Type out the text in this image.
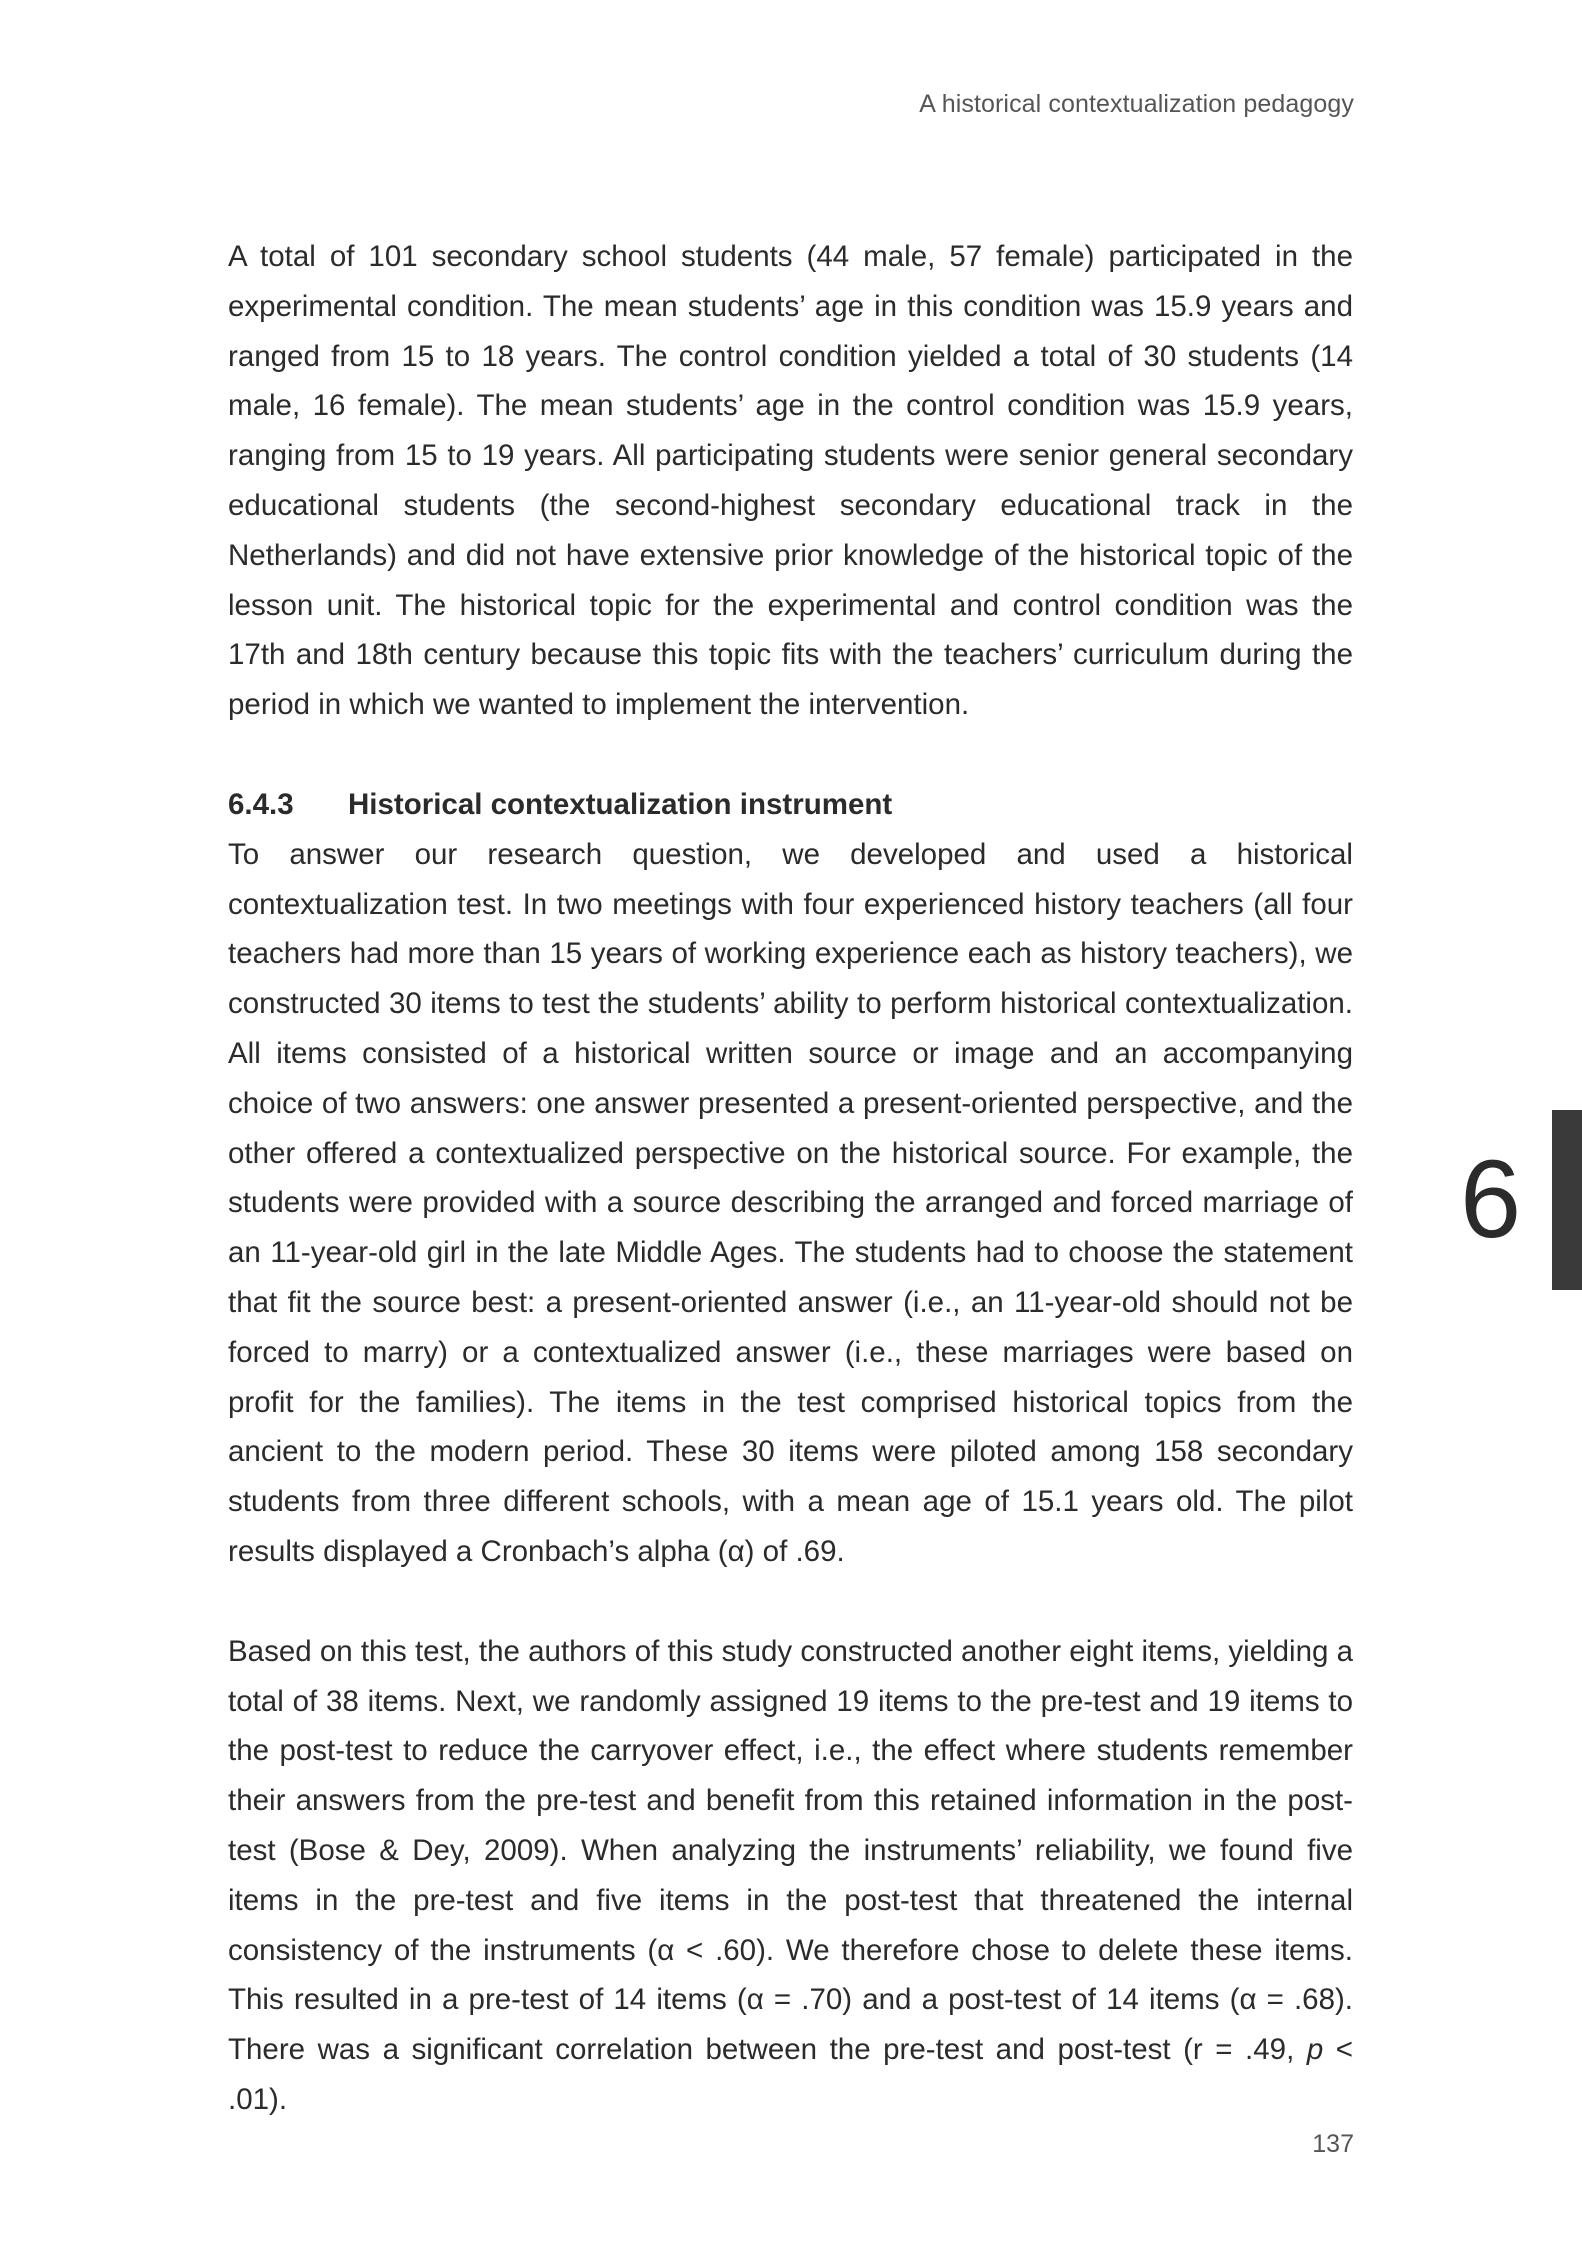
A historical contextualization pedagogy

A total of 101 secondary school students (44 male, 57 female) participated in the experimental condition. The mean students’ age in this condition was 15.9 years and ranged from 15 to 18 years. The control condition yielded a total of 30 students (14 male, 16 female). The mean students’ age in the control condition was 15.9 years, ranging from 15 to 19 years. All participating students were senior general secondary educational students (the second-highest secondary educational track in the Netherlands) and did not have extensive prior knowledge of the historical topic of the lesson unit. The historical topic for the experimental and control condition was the 17th and 18th century because this topic fits with the teachers’ curriculum during the period in which we wanted to implement the intervention.

6.4.3 Historical contextualization instrument

To answer our research question, we developed and used a historical contextualization test. In two meetings with four experienced history teachers (all four teachers had more than 15 years of working experience each as history teachers), we constructed 30 items to test the students’ ability to perform historical contextualization. All items consisted of a historical written source or image and an accompanying choice of two answers: one answer presented a present-oriented perspective, and the other offered a contextualized perspective on the historical source. For example, the students were provided with a source describing the arranged and forced marriage of an 11-year-old girl in the late Middle Ages. The students had to choose the statement that fit the source best: a present-oriented answer (i.e., an 11-year-old should not be forced to marry) or a contextualized answer (i.e., these marriages were based on profit for the families). The items in the test comprised historical topics from the ancient to the modern period. These 30 items were piloted among 158 secondary students from three different schools, with a mean age of 15.1 years old. The pilot results displayed a Cronbach’s alpha (α) of .69.

Based on this test, the authors of this study constructed another eight items, yielding a total of 38 items. Next, we randomly assigned 19 items to the pre-test and 19 items to the post-test to reduce the carryover effect, i.e., the effect where students remember their answers from the pre-test and benefit from this retained information in the post-test (Bose & Dey, 2009). When analyzing the instruments’ reliability, we found five items in the pre-test and five items in the post-test that threatened the internal consistency of the instruments (α < .60). We therefore chose to delete these items. This resulted in a pre-test of 14 items (α = .70) and a post-test of 14 items (α = .68). There was a significant correlation between the pre-test and post-test (r = .49, p < .01).

6
137
